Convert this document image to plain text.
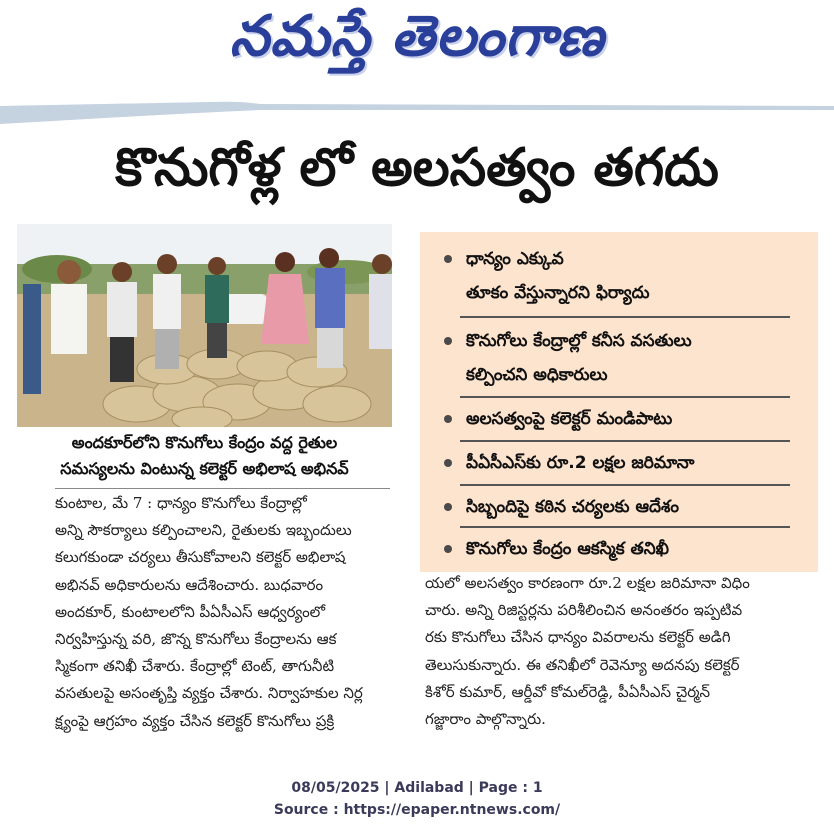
నమస్తే తెలంగాణ
కొనుగోళ్ల లో అలసత్వం తగదు
అందకూర్‌లోని కొనుగోలు కేంద్రం వద్ద రైతుల
సమస్యలను వింటున్న కలెక్టర్ అభిలాష అభినవ్
కుంటాల, మే 7 : ధాన్యం కొనుగోలు కేంద్రాల్లో
అన్ని సౌకర్యాలు కల్పించాలని, రైతులకు ఇబ్బందులు
కలుగకుండా చర్యలు తీసుకోవాలని కలెక్టర్ అభిలాష
అభినవ్ అధికారులను ఆదేశించారు. బుధవారం
అందకూర్, కుంటాలలోని పీఏసీఎస్ ఆధ్వర్యంలో
నిర్వహిస్తున్న వరి, జొన్న కొనుగోలు కేంద్రాలను ఆక
స్మికంగా తనిఖీ చేశారు. కేంద్రాల్లో టెంట్, తాగునీటి
వసతులపై అసంతృప్తి వ్యక్తం చేశారు. నిర్వాహకుల నిర్ల
క్ష్యంపై ఆగ్రహం వ్యక్తం చేసిన కలెక్టర్ కొనుగోలు ప్రక్రి
ధాన్యం ఎక్కువ
తూకం వేస్తున్నారని ఫిర్యాదు
కొనుగోలు కేంద్రాల్లో కనీస వసతులు
కల్పించని అధికారులు
అలసత్వంపై కలెక్టర్ మండిపాటు
పీఏసీఎస్‌కు రూ.2 లక్షల జరిమానా
సిబ్బందిపై కఠిన చర్యలకు ఆదేశం
కొనుగోలు కేంద్రం ఆకస్మిక తనిఖీ
యలో అలసత్వం కారణంగా రూ.2 లక్షల జరిమానా విధిం
చారు. అన్ని రిజిస్టర్లను పరిశీలించిన అనంతరం ఇప్పటివ
రకు కొనుగోలు చేసిన ధాన్యం వివరాలను కలెక్టర్ అడిగి
తెలుసుకున్నారు. ఈ తనిఖీలో రెవెన్యూ అదనపు కలెక్టర్
కిశోర్ కుమార్, ఆర్డీవో కోమల్‌రెడ్డి, పీఏసీఎస్ చైర్మన్
గజ్జారాం పాల్గొన్నారు.
08/05/2025 | Adilabad | Page : 1
Source : https://epaper.ntnews.com/
